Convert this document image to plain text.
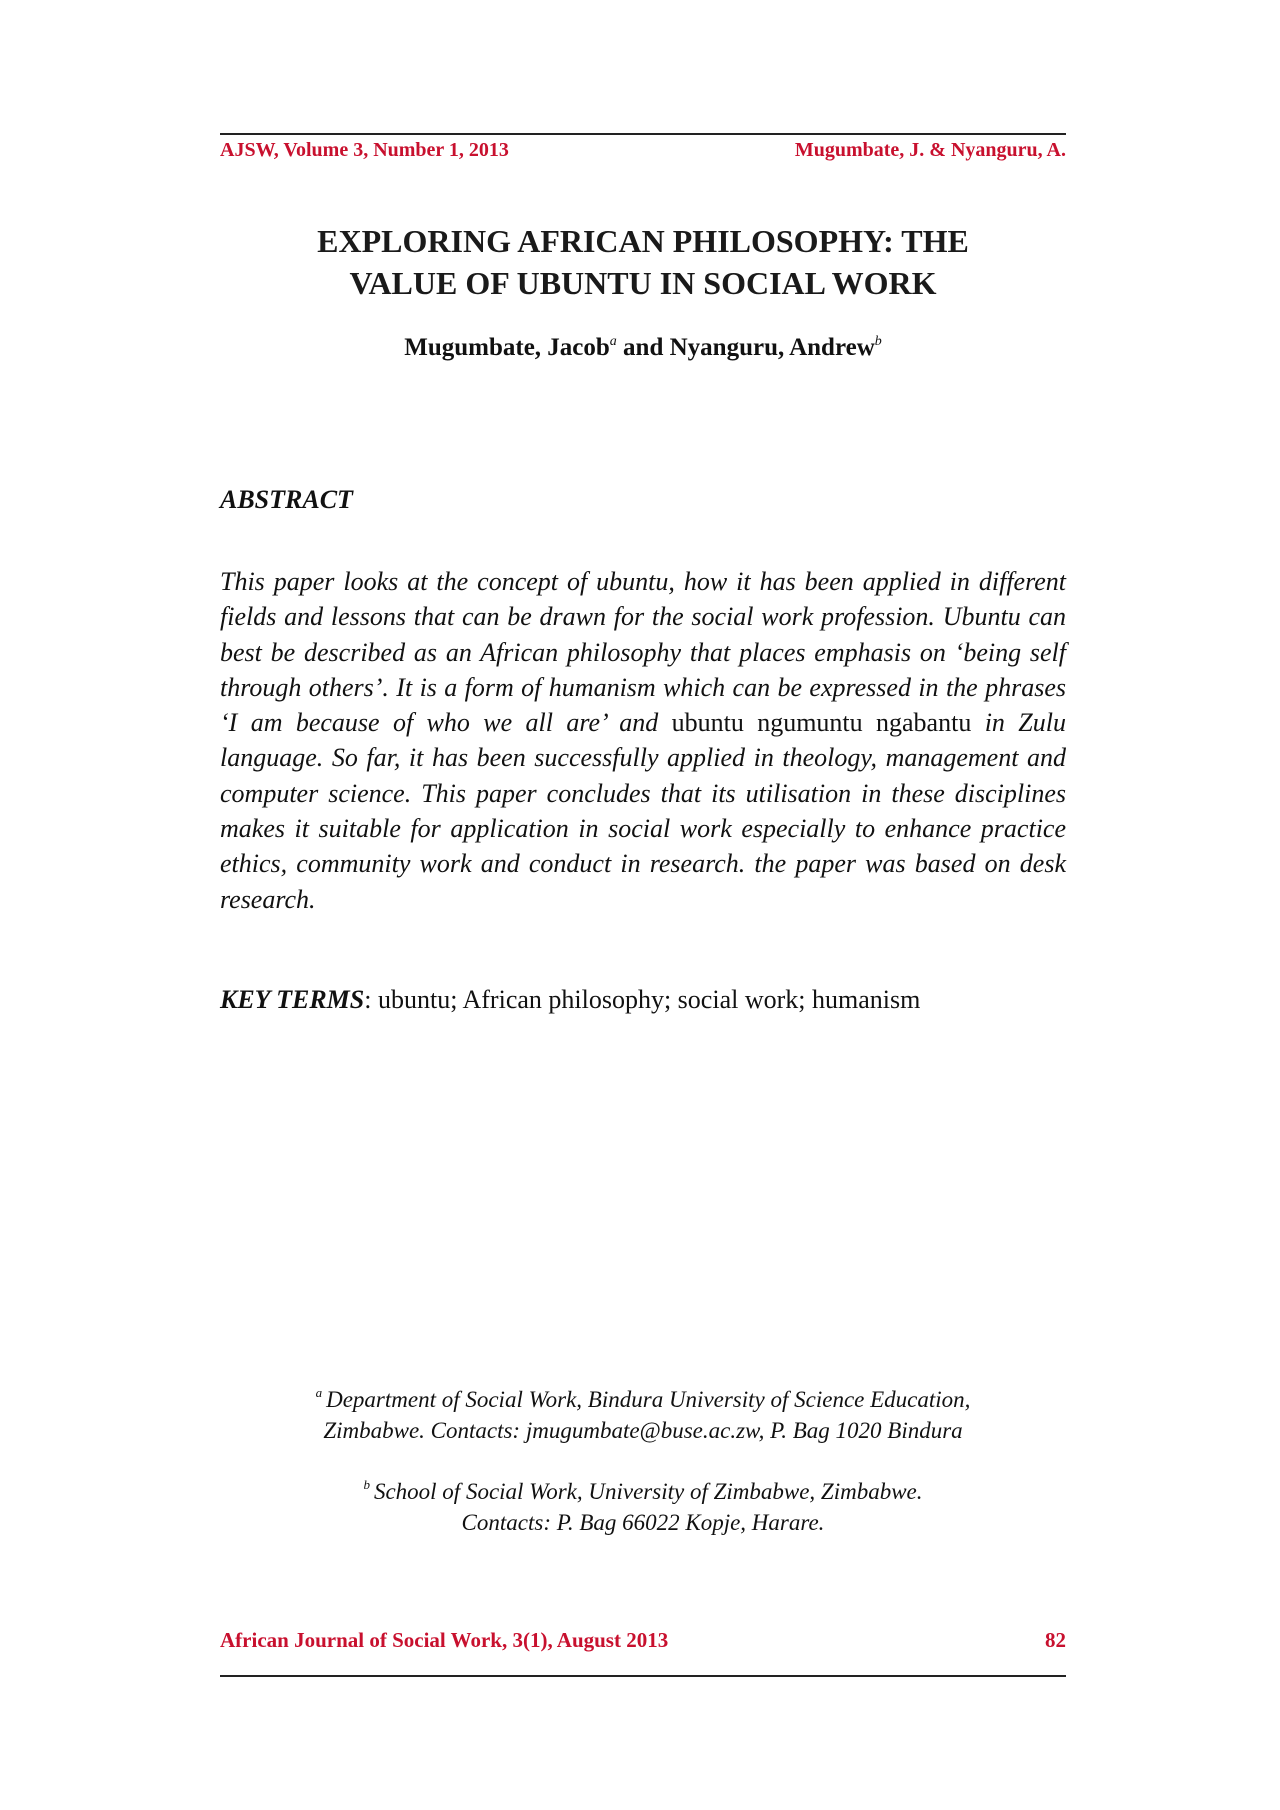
AJSW, Volume 3, Number 1, 2013	Mugumbate, J. & Nyanguru, A.
EXPLORING AFRICAN PHILOSOPHY: THE
VALUE OF UBUNTU IN SOCIAL WORK
Mugumbate, Jacob$^a$ and Nyanguru, Andrew$^b$
ABSTRACT
This paper looks at the concept of ubuntu, how it has been applied in different fields and lessons that can be drawn for the social work profession. Ubuntu can best be described as an African philosophy that places emphasis on ‘being self through others’. It is a form of humanism which can be expressed in the phrases ‘I am because of who we all are’ and ubuntu ngumuntu ngabantu in Zulu language. So far, it has been successfully applied in theology, management and computer science. This paper concludes that its utilisation in these disciplines makes it suitable for application in social work especially to enhance practice ethics, community work and conduct in research. the paper was based on desk research.
KEY TERMS: ubuntu; African philosophy; social work; humanism
$^a$ Department of Social Work, Bindura University of Science Education,
Zimbabwe. Contacts: jmugumbate@buse.ac.zw, P. Bag 1020 Bindura
$^b$ School of Social Work, University of Zimbabwe, Zimbabwe.
Contacts: P. Bag 66022 Kopje, Harare.
African Journal of Social Work, 3(1), August 2013	82
